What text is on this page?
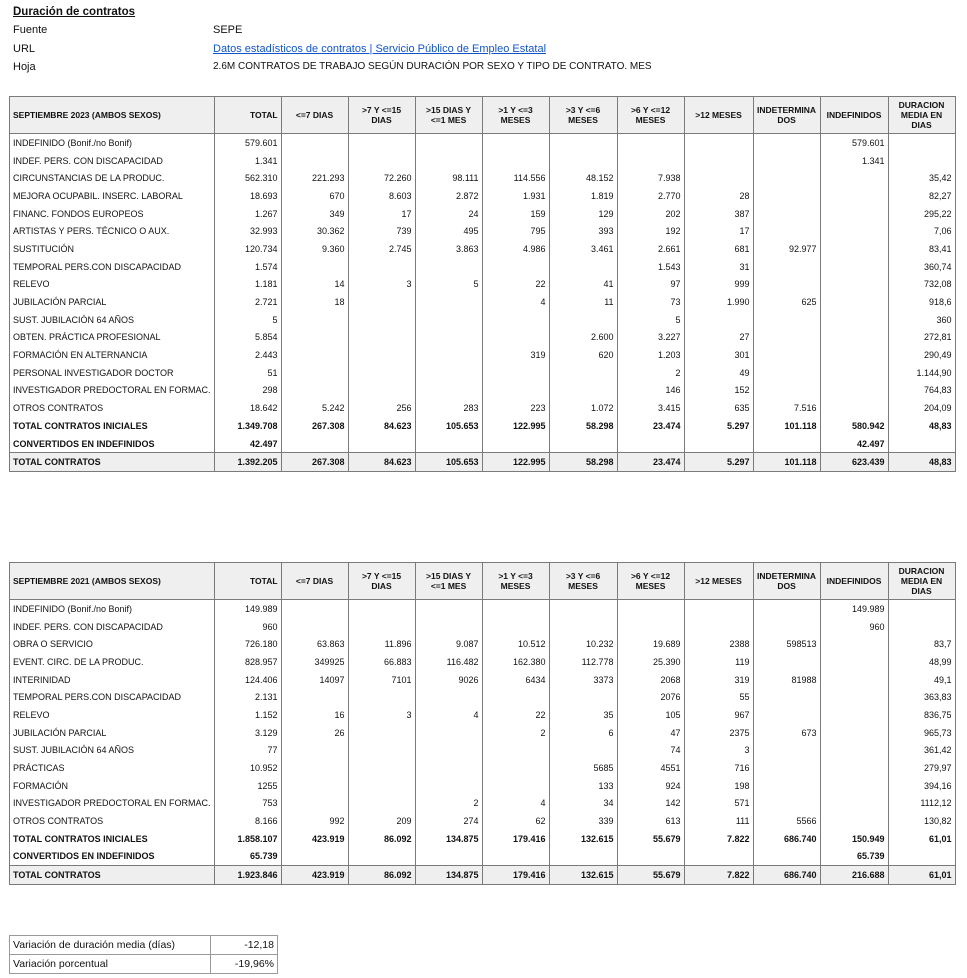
Duración de contratos
Fuente	SEPE
URL	Datos estadísticos de contratos | Servicio Público de Empleo Estatal
Hoja	2.6M CONTRATOS DE TRABAJO SEGÚN DURACIÓN POR SEXO Y TIPO DE CONTRATO. MES
SEPTIEMBRE 2023 (AMBOS SEXOS)	TOTAL	<=7 DIAS	>7 Y <=15 DIAS	>15 DIAS Y <=1 MES	>1 Y <=3 MESES	>3 Y <=6 MESES	>6 Y <=12 MESES	>12 MESES	INDETERMINA DOS	INDEFINIDOS	DURACION MEDIA EN DIAS
INDEFINIDO (Bonif./no Bonif)	579.601									579.601	
INDEF. PERS. CON DISCAPACIDAD	1.341									1.341	
CIRCUNSTANCIAS DE LA PRODUC.	562.310	221.293	72.260	98.111	114.556	48.152	7.938				35,42
MEJORA OCUPABIL. INSERC. LABORAL	18.693	670	8.603	2.872	1.931	1.819	2.770	28			82,27
FINANC. FONDOS EUROPEOS	1.267	349	17	24	159	129	202	387			295,22
ARTISTAS Y PERS. TÉCNICO O AUX.	32.993	30.362	739	495	795	393	192	17			7,06
SUSTITUCIÓN	120.734	9.360	2.745	3.863	4.986	3.461	2.661	681	92.977		83,41
TEMPORAL PERS.CON DISCAPACIDAD	1.574						1.543	31			360,74
RELEVO	1.181	14	3	5	22	41	97	999			732,08
JUBILACIÓN PARCIAL	2.721	18			4	11	73	1.990	625		918,6
SUST. JUBILACIÓN 64 AÑOS	5						5				360
OBTEN. PRÁCTICA PROFESIONAL	5.854					2.600	3.227	27			272,81
FORMACIÓN EN ALTERNANCIA	2.443				319	620	1.203	301			290,49
PERSONAL INVESTIGADOR DOCTOR	51						2	49			1.144,90
INVESTIGADOR PREDOCTORAL EN FORMAC.	298						146	152			764,83
OTROS CONTRATOS	18.642	5.242	256	283	223	1.072	3.415	635	7.516		204,09
TOTAL CONTRATOS INICIALES	1.349.708	267.308	84.623	105.653	122.995	58.298	23.474	5.297	101.118	580.942	48,83
CONVERTIDOS EN INDEFINIDOS	42.497									42.497	
TOTAL CONTRATOS	1.392.205	267.308	84.623	105.653	122.995	58.298	23.474	5.297	101.118	623.439	48,83
SEPTIEMBRE 2021 (AMBOS SEXOS)	TOTAL	<=7 DIAS	>7 Y <=15 DIAS	>15 DIAS Y <=1 MES	>1 Y <=3 MESES	>3 Y <=6 MESES	>6 Y <=12 MESES	>12 MESES	INDETERMINA DOS	INDEFINIDOS	DURACION MEDIA EN DIAS
INDEFINIDO (Bonif./no Bonif)	149.989									149.989	
INDEF. PERS. CON DISCAPACIDAD	960									960	
OBRA O SERVICIO	726.180	63.863	11.896	9.087	10.512	10.232	19.689	2388	598513		83,7
EVENT. CIRC. DE LA PRODUC.	828.957	349925	66.883	116.482	162.380	112.778	25.390	119			48,99
INTERINIDAD	124.406	14097	7101	9026	6434	3373	2068	319	81988		49,1
TEMPORAL PERS.CON DISCAPACIDAD	2.131						2076	55			363,83
RELEVO	1.152	16	3	4	22	35	105	967			836,75
JUBILACIÓN PARCIAL	3.129	26			2	6	47	2375	673		965,73
SUST. JUBILACIÓN 64 AÑOS	77						74	3			361,42
PRÁCTICAS	10.952					5685	4551	716			279,97
FORMACIÓN	1255					133	924	198			394,16
INVESTIGADOR PREDOCTORAL EN FORMAC.	753			2	4	34	142	571			1112,12
OTROS CONTRATOS	8.166	992	209	274	62	339	613	111	5566		130,82
TOTAL CONTRATOS INICIALES	1.858.107	423.919	86.092	134.875	179.416	132.615	55.679	7.822	686.740	150.949	61,01
CONVERTIDOS EN INDEFINIDOS	65.739									65.739	
TOTAL CONTRATOS	1.923.846	423.919	86.092	134.875	179.416	132.615	55.679	7.822	686.740	216.688	61,01
Variación de duración media (días)	-12,18
Variación porcentual	-19,96%
